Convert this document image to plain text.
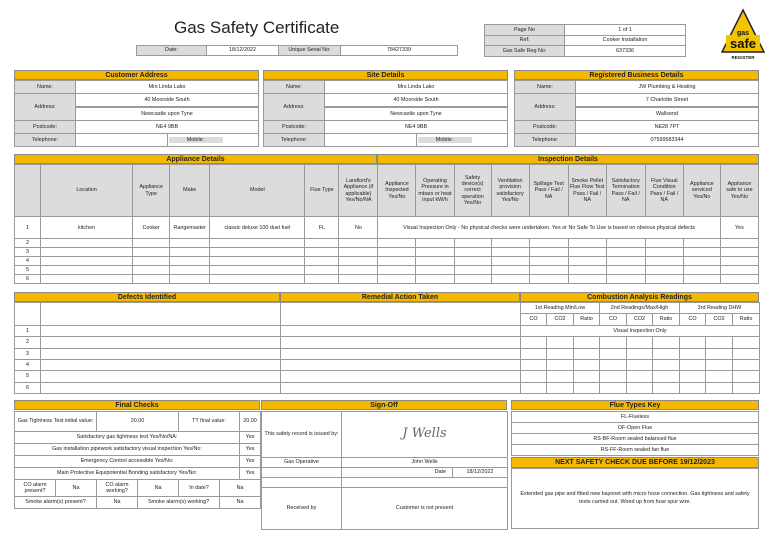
Gas Safety Certificate
Date:	18/12/2022	Unique Serial No:	78427339
Page No	1 of 1
Ref:	Cooker Installation
Gas Safe Reg No:	637336
safe
gas
REGISTER
Customer Address
Name:	Mrs Linda Lako	
Address:	40 Moorside South	

	Newcastle upon Tyne	
Postcode:	NE4 9BB	
Telephone:		Mobile:
Site Details
Name:	Mrs Linda Lako	
Address:	40 Moorside South	

	Newcastle upon Tyne	
Postcode:	NE4 9BB	
Telephone:		Mobile:
Registered Business Details
Name:	JW Plumbing & Heating
Address:	7 Charlotte Street

	Wallsend
Postcode:	NE28 7PT
Telephone:	07599583344
Appliance Details	Inspection Details
	Location	Appliance Type	Make	Model	Flue Type	Landlord's Appliance (if applicable) Yes/No/NA	Appliance Inspected Yes/No	Operating Pressure in mbars or heat input kW/h	Safety device(s) correct operation Yes/No	Ventilation provision satisfactory Yes/No	Spillage Test Pass / Fail / NA	Smoke Pellet Flue Flow Test Pass / Fail / NA	Satisfactory Termination Pass / Fail / NA	Flue Visual Condition Pass / Fail / NA	Appliance serviced Yes/No	Appliance safe to use Yes/No
1	kitchen	Cooker	Rangemaster	classic deluxe 100 duel fuel	FL	No	Visual Inspection Only - No physical checks were undertaken. Yes or No Safe To Use is based on obvious physical defects									Yes
2																
3																
4																
5																
6																
Defects Identified	Remedial Action Taken	Combustion Analysis Readings
			1st Reading Min/Low			2nd Readings/Max/High			3rd Reading DHW		
			CO	CO2	Ratio	CO	CO2	Ratio	CO	CO2	Ratio
1			Visual Inspection Only								
2											
3											
4											
5											
6											
Final Checks
Gas Tightness Test initial value:		20.00		TT final value:		20.00
Satisfactory gas tightness test Yes/No/NA:						Yes
Gas installation pipework satisfactory visual inspection Yes/No:						Yes
Emergency Control accessible Yes/No:						Yes
Main Protective Equipotential Bonding satisfactory Yes/No:						Yes
CO alarm present?	Na	CO alarm working?	Na	In date?	Na	
Smoke alarm(s) present?		Na	Smoke alarm(s) working?		Na	
Sign-Off
This safety record is issued by:	J Wells	
Gas Operative	John Wells	
	Date	18/12/2022

Received by	Customer is not present	
Flue Types Key
FL-Flueless
OF-Open Flue
RS-BF-Room sealed balanced flue
RS-FF-Room sealed fan flue
NEXT SAFETY CHECK DUE BEFORE 19/12/2023
Extended gas pipe and fitted new bayonet with micro hose connection. Gas tightness and safety tests carried out. Wired up from fuse spur wire.
